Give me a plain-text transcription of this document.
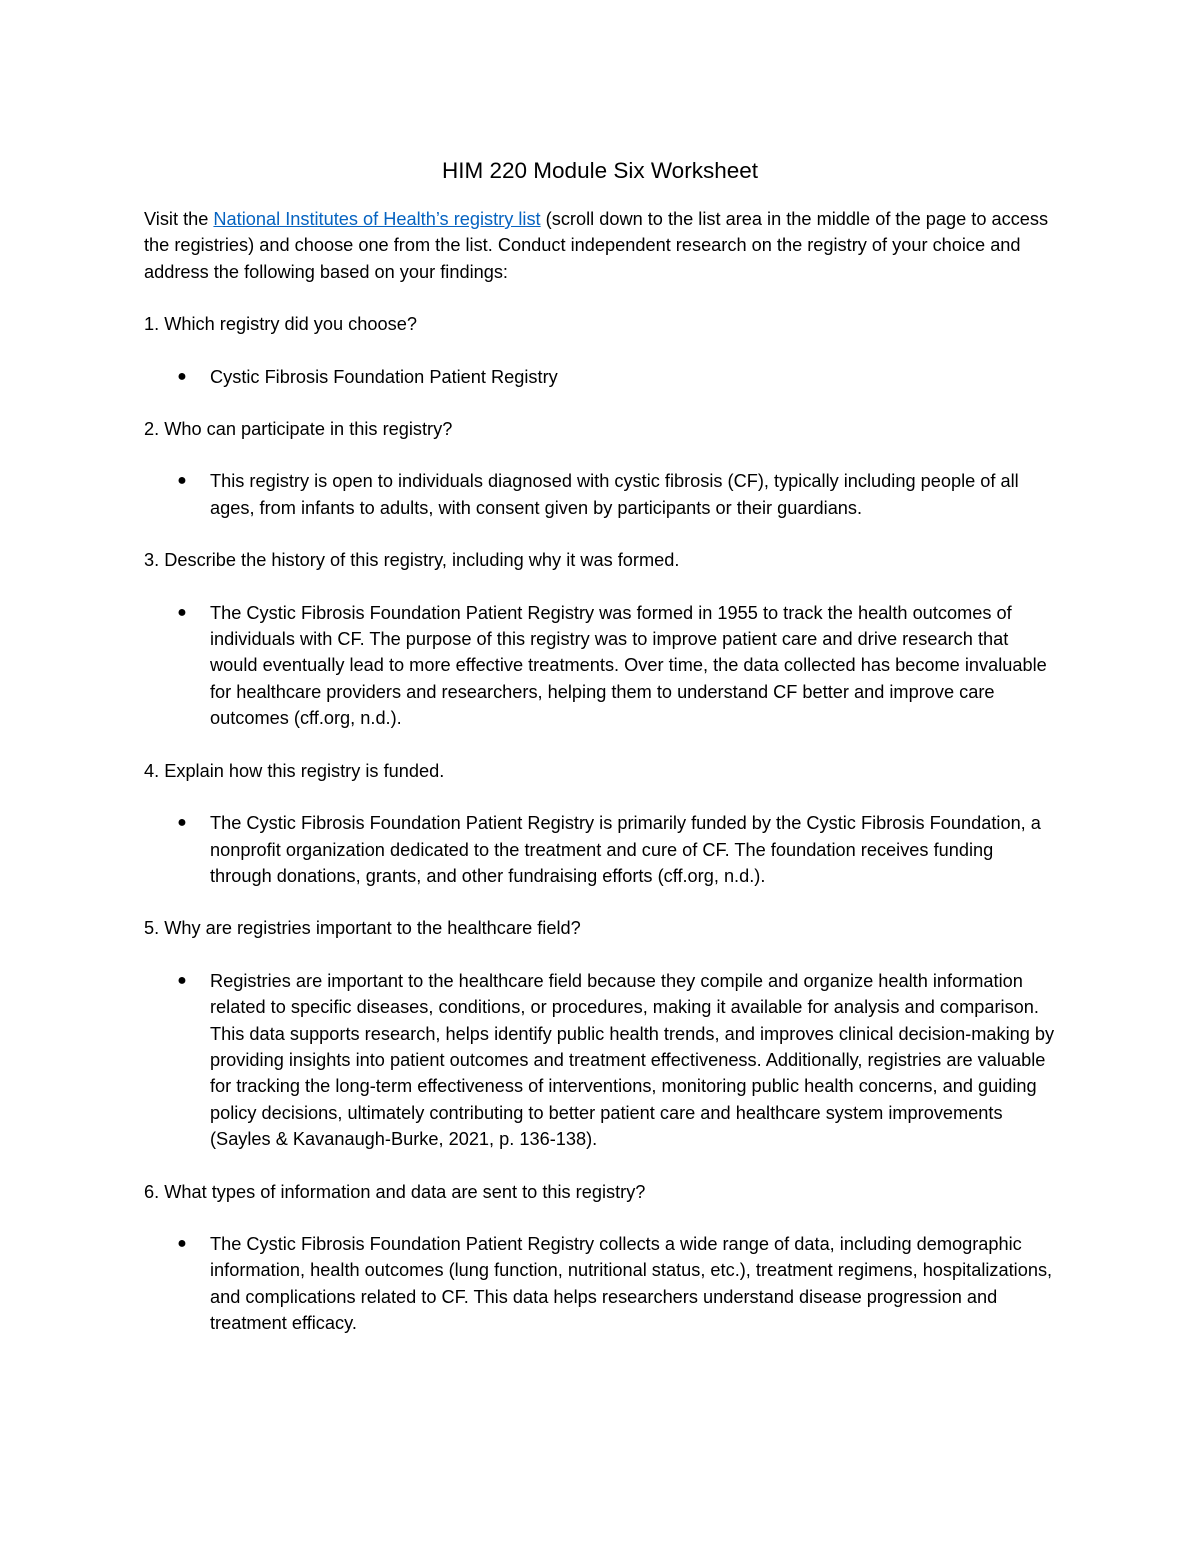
HIM 220 Module Six Worksheet

Visit the National Institutes of Health’s registry list (scroll down to the list area in the middle of the page to access the registries) and choose one from the list. Conduct independent research on the registry of your choice and address the following based on your findings:

1. Which registry did you choose?

● Cystic Fibrosis Foundation Patient Registry

2. Who can participate in this registry?

● This registry is open to individuals diagnosed with cystic fibrosis (CF), typically including people of all ages, from infants to adults, with consent given by participants or their guardians.

3. Describe the history of this registry, including why it was formed.

● The Cystic Fibrosis Foundation Patient Registry was formed in 1955 to track the health outcomes of individuals with CF. The purpose of this registry was to improve patient care and drive research that would eventually lead to more effective treatments. Over time, the data collected has become invaluable for healthcare providers and researchers, helping them to understand CF better and improve care outcomes (cff.org, n.d.).

4. Explain how this registry is funded.

● The Cystic Fibrosis Foundation Patient Registry is primarily funded by the Cystic Fibrosis Foundation, a nonprofit organization dedicated to the treatment and cure of CF. The foundation receives funding through donations, grants, and other fundraising efforts (cff.org, n.d.).

5. Why are registries important to the healthcare field?

● Registries are important to the healthcare field because they compile and organize health information related to specific diseases, conditions, or procedures, making it available for analysis and comparison. This data supports research, helps identify public health trends, and improves clinical decision-making by providing insights into patient outcomes and treatment effectiveness. Additionally, registries are valuable for tracking the long-term effectiveness of interventions, monitoring public health concerns, and guiding policy decisions, ultimately contributing to better patient care and healthcare system improvements (Sayles & Kavanaugh-Burke, 2021, p. 136-138).

6. What types of information and data are sent to this registry?

● The Cystic Fibrosis Foundation Patient Registry collects a wide range of data, including demographic information, health outcomes (lung function, nutritional status, etc.), treatment regimens, hospitalizations, and complications related to CF. This data helps researchers understand disease progression and treatment efficacy.
